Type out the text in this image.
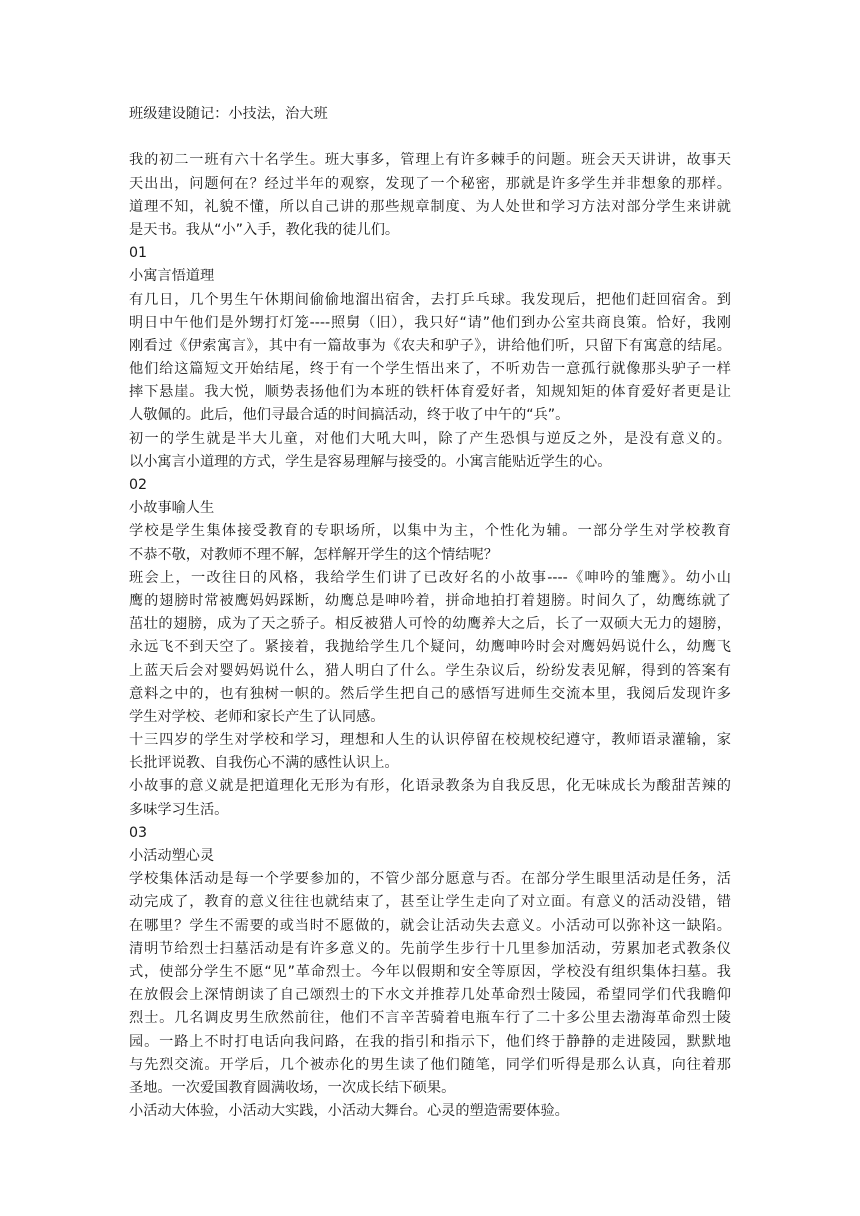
班级建设随记：小技法，治大班
我的初二一班有六十名学生。班大事多，管理上有许多棘手的问题。班会天天讲讲，故事天
天出出，问题何在？经过半年的观察，发现了一个秘密，那就是许多学生并非想象的那样。
道理不知，礼貌不懂，所以自己讲的那些规章制度、为人处世和学习方法对部分学生来讲就
是天书。我从“小”入手，教化我的徒儿们。
01
小寓言悟道理
有几日，几个男生午休期间偷偷地溜出宿舍，去打乒乓球。我发现后，把他们赶回宿舍。到
明日中午他们是外甥打灯笼----照舅（旧），我只好“请”他们到办公室共商良策。恰好，我刚
刚看过《伊索寓言》，其中有一篇故事为《农夫和驴子》，讲给他们听，只留下有寓意的结尾。
他们给这篇短文开始结尾，终于有一个学生悟出来了，不听劝告一意孤行就像那头驴子一样
摔下悬崖。我大悦，顺势表扬他们为本班的铁杆体育爱好者，知规知矩的体育爱好者更是让
人敬佩的。此后，他们寻最合适的时间搞活动，终于收了中午的“兵”。
初一的学生就是半大儿童，对他们大吼大叫，除了产生恐惧与逆反之外，是没有意义的。
以小寓言小道理的方式，学生是容易理解与接受的。小寓言能贴近学生的心。
02
小故事喻人生
学校是学生集体接受教育的专职场所，以集中为主，个性化为辅。一部分学生对学校教育
不恭不敬，对教师不理不解，怎样解开学生的这个情结呢？
班会上，一改往日的风格，我给学生们讲了已改好名的小故事----《呻吟的雏鹰》。幼小山
鹰的翅膀时常被鹰妈妈踩断，幼鹰总是呻吟着，拼命地拍打着翅膀。时间久了，幼鹰练就了
茁壮的翅膀，成为了天之骄子。相反被猎人可怜的幼鹰养大之后，长了一双硕大无力的翅膀，
永远飞不到天空了。紧接着，我抛给学生几个疑问，幼鹰呻吟时会对鹰妈妈说什么，幼鹰飞
上蓝天后会对婴妈妈说什么，猎人明白了什么。学生杂议后，纷纷发表见解，得到的答案有
意料之中的，也有独树一帜的。然后学生把自己的感悟写进师生交流本里，我阅后发现许多
学生对学校、老师和家长产生了认同感。
十三四岁的学生对学校和学习，理想和人生的认识停留在校规校纪遵守，教师语录灌输，家
长批评说教、自我伤心不满的感性认识上。
小故事的意义就是把道理化无形为有形，化语录教条为自我反思，化无味成长为酸甜苦辣的
多味学习生活。
03
小活动塑心灵
学校集体活动是每一个学要参加的，不管少部分愿意与否。在部分学生眼里活动是任务，活
动完成了，教育的意义往往也就结束了，甚至让学生走向了对立面。有意义的活动没错，错
在哪里？学生不需要的或当时不愿做的，就会让活动失去意义。小活动可以弥补这一缺陷。
清明节给烈士扫墓活动是有许多意义的。先前学生步行十几里参加活动，劳累加老式教条仪
式，使部分学生不愿“见”革命烈士。今年以假期和安全等原因，学校没有组织集体扫墓。我
在放假会上深情朗读了自己颂烈士的下水文并推荐几处革命烈士陵园，希望同学们代我瞻仰
烈士。几名调皮男生欣然前往，他们不言辛苦骑着电瓶车行了二十多公里去渤海革命烈士陵
园。一路上不时打电话向我问路，在我的指引和指示下，他们终于静静的走进陵园，默默地
与先烈交流。开学后，几个被赤化的男生读了他们随笔，同学们听得是那么认真，向往着那
圣地。一次爱国教育圆满收场，一次成长结下硕果。
小活动大体验，小活动大实践，小活动大舞台。心灵的塑造需要体验。
